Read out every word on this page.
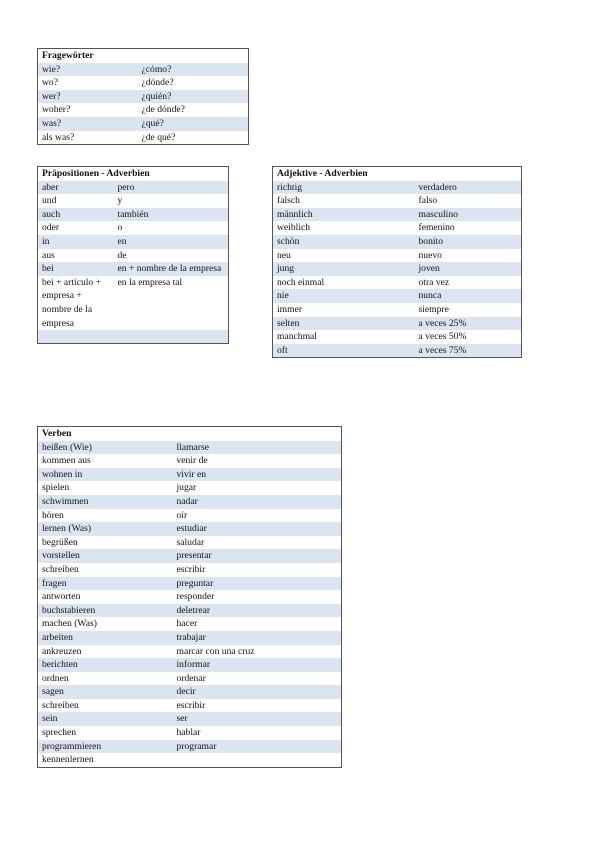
Fragewörter	
wie?	¿cómo?
wo?	¿dónde?
wer?	¿quién?
woher?	¿de dónde?
was?	¿qué?
als was?	¿de qué?
Präpositionen - Adverbien	
aber	pero
und	y
auch	también
oder	o
in	en
aus	de
bei	en + nombre de la empresa
bei + artículo + empresa + nombre de la empresa	en la empresa tal

Adjektive - Adverbien	
richtig	verdadero
falsch	falso
männlich	masculino
weiblich	femenino
schön	bonito
neu	nuevo
jung	joven
noch einmal	otra vez
nie	nunca
immer	siempre
selten	a veces 25%
manchmal	a veces 50%
oft	a veces 75%
Verben	
heißen (Wie)	llamarse
kommen aus	venir de
wohnen in	vivir en
spielen	jugar
schwimmen	nadar
hören	oír
lernen (Was)	estudiar
begrüßen	saludar
vorstellen	presentar
schreiben	escribir
fragen	preguntar
antworten	responder
buchstabieren	deletrear
machen (Was)	hacer
arbeiten	trabajar
ankreuzen	marcar con una cruz
berichten	informar
ordnen	ordenar
sagen	decir
schreiben	escribir
sein	ser
sprechen	hablar
programmieren	programar
kennenlernen	
